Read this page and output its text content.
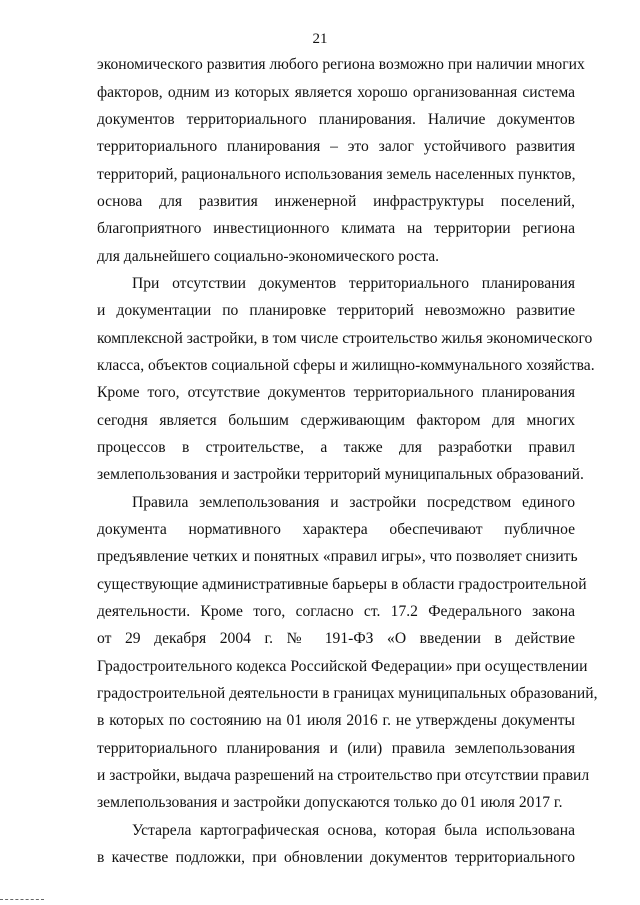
21
экономического развития любого региона возможно при наличии многих
факторов, одним из которых является хорошо организованная система
документов территориального планирования. Наличие документов
территориального планирования – это залог устойчивого развития
территорий, рационального использования земель населенных пунктов,
основа для развития инженерной инфраструктуры поселений,
благоприятного инвестиционного климата на территории региона
для дальнейшего социально-экономического роста.
При отсутствии документов территориального планирования
и документации по планировке территорий невозможно развитие
комплексной застройки, в том числе строительство жилья экономического
класса, объектов социальной сферы и жилищно-коммунального хозяйства.
Кроме того, отсутствие документов территориального планирования
сегодня является большим сдерживающим фактором для многих
процессов в строительстве, а также для разработки правил
землепользования и застройки территорий муниципальных образований.
Правила землепользования и застройки посредством единого
документа нормативного характера обеспечивают публичное
предъявление четких и понятных «правил игры», что позволяет снизить
существующие административные барьеры в области градостроительной
деятельности. Кроме того, согласно ст. 17.2 Федерального закона
от 29 декабря 2004 г. № 191-ФЗ «О введении в действие
Градостроительного кодекса Российской Федерации» при осуществлении
градостроительной деятельности в границах муниципальных образований,
в которых по состоянию на 01 июля 2016 г. не утверждены документы
территориального планирования и (или) правила землепользования
и застройки, выдача разрешений на строительство при отсутствии правил
землепользования и застройки допускаются только до 01 июля 2017 г.
Устарела картографическая основа, которая была использована
в качестве подложки, при обновлении документов территориального
